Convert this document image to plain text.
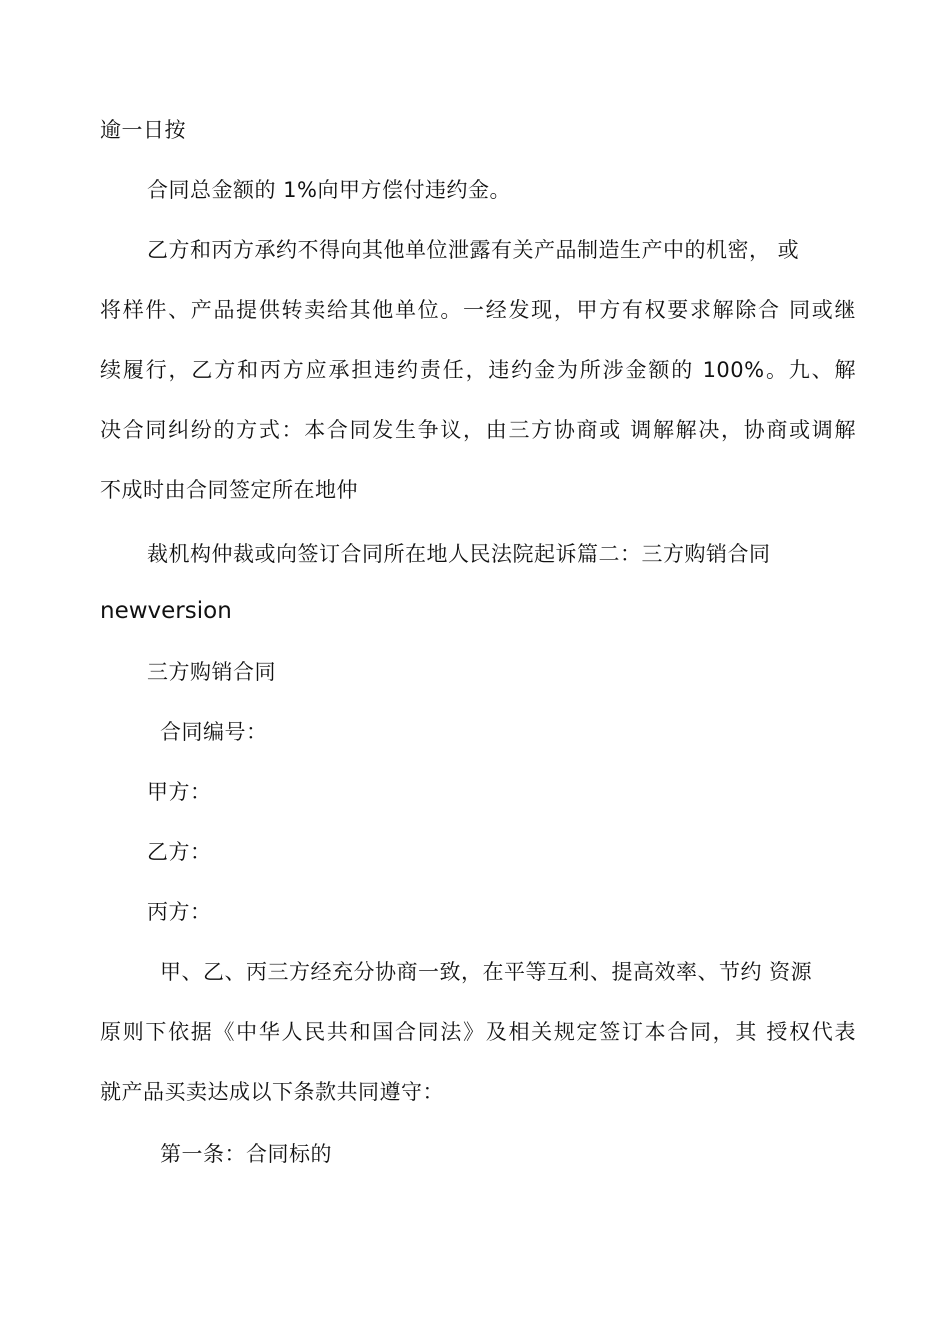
逾一日按
合同总金额的 1%向甲方偿付违约金。
乙方和丙方承约不得向其他单位泄露有关产品制造生产中的机密， 或
将样件、产品提供转卖给其他单位。一经发现，甲方有权要求解除合 同或继
续履行，乙方和丙方应承担违约责任，违约金为所涉金额的 100%。九、解
决合同纠纷的方式：本合同发生争议，由三方协商或 调解解决，协商或调解
不成时由合同签定所在地仲
裁机构仲裁或向签订合同所在地人民法院起诉篇二：三方购销合同
newversion
三方购销合同
合同编号：
甲方：
乙方：
丙方：
甲、乙、丙三方经充分协商一致，在平等互利、提高效率、节约 资源
原则下依据《中华人民共和国合同法》及相关规定签订本合同，其 授权代表
就产品买卖达成以下条款共同遵守：
第一条：合同标的
